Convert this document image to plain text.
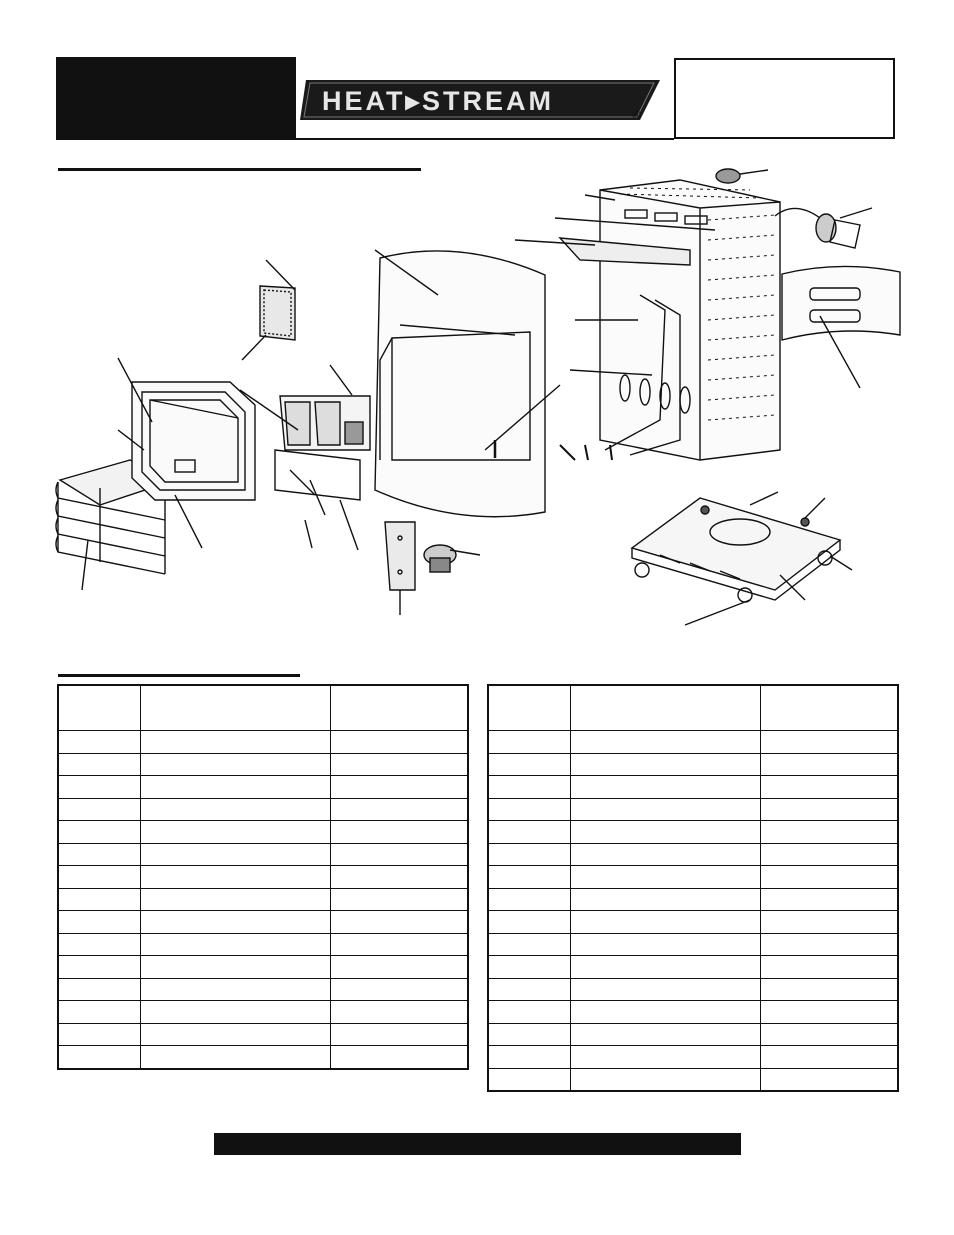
HEAT▸STREAM	®
